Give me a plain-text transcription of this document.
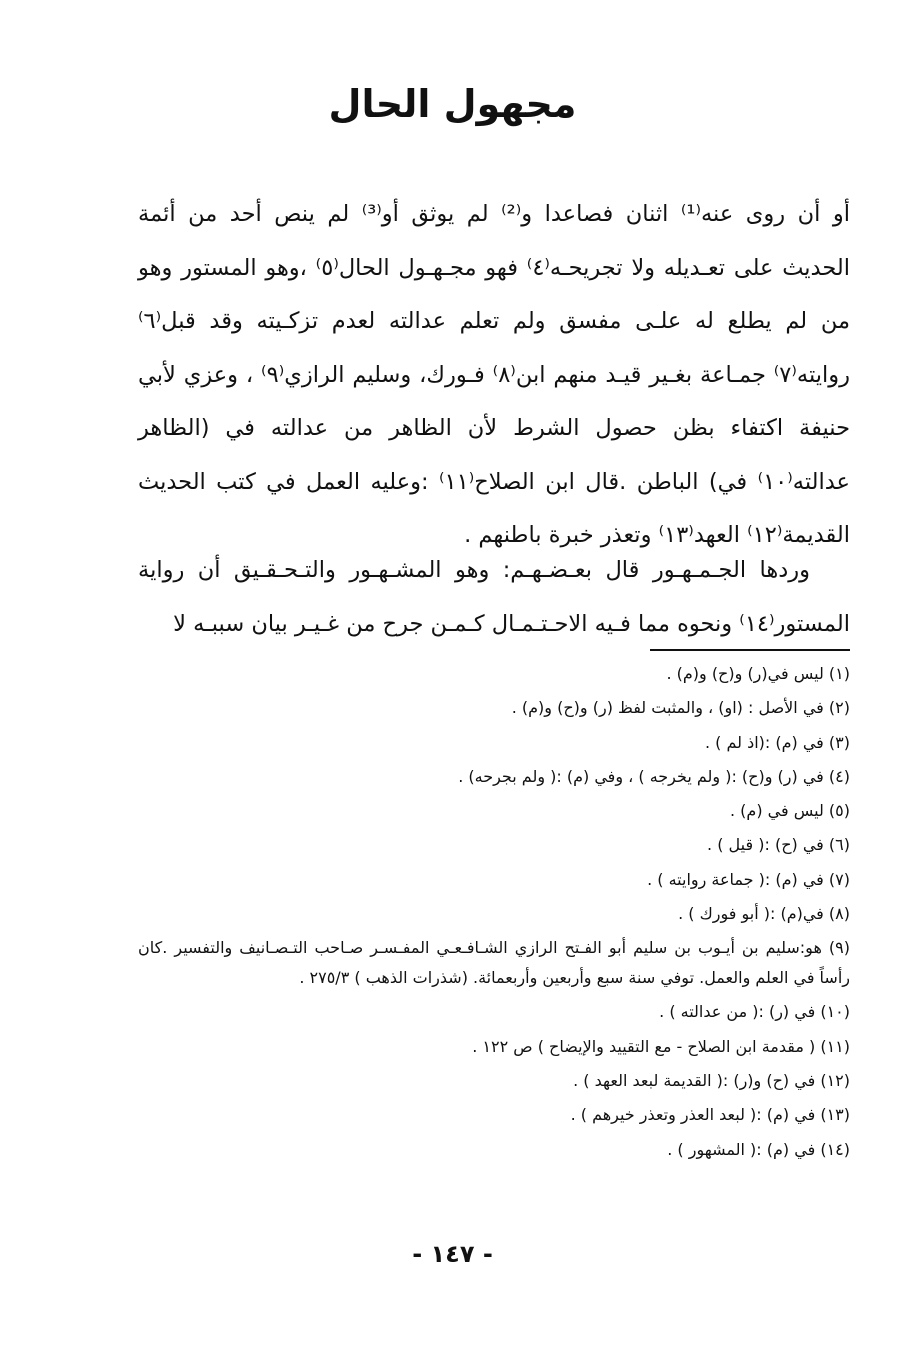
مجهول الحال
أو أن روى عنه⁽¹⁾ اثنان فصاعدا و⁽²⁾ لم يوثق أو⁽³⁾ لم ينص أحد من أئمة الحديث على تعـديله ولا تجريحـه⁽٤⁾ فهو مجـهـول الحال⁽٥⁾ ،وهو المستور وهو من لم يطلع له علـى مفسق ولم تعلم عدالته لعدم تزكـيته وقد قبل⁽٦⁾ روايته⁽٧⁾ جمـاعة بغـير قيـد منهم ابن⁽٨⁾ فـورك، وسليم الرازي⁽٩⁾ ، وعزي لأبي حنيفة اكتفاء بظن حصول الشرط لأن الظاهر من عدالته في (الظاهر عدالته⁽١٠⁾ في) الباطن .قال ابن الصلاح⁽١١⁾ :وعليه العمل في كتب الحديث القديمة⁽١٢⁾ العهد⁽١٣⁾ وتعذر خبرة باطنهم .
وردها الجـمـهـور قال بعـضـهـم: وهو المشـهـور والتـحـقـيق أن رواية المستور⁽١٤⁾ ونحوه مما فـيه الاحـتـمـال كـمـن جرح من غـيـر بيان سببـه لا

(١) ليس في(ر) و(ح) و(م) .

(٢) في الأصل : (او) ، والمثبت لفظ (ر) و(ح) و(م) .

(٣) في (م) :(اذ لم ) .

(٤) في (ر) و(ح) :( ولم يخرجه ) ، وفي (م) :( ولم بجرحه) .

(٥) ليس في (م) .

(٦) في (ح) :( قيل ) .

(٧) في (م) :( جماعة روايته ) .

(٨) في(م) :( أبو فورك ) .

(٩) هو:سليم بن أيـوب بن سليم أبو الفـتح الرازي الشـافـعـي المفـسـر صـاحب التـصـانيف والتفسير .كان رأساً في العلم والعمل. توفي سنة سبع وأربعين وأربعمائة. (شذرات الذهب ) ٢٧٥/٣ .

(١٠) في (ر) :( من عدالته ) .

(١١) ( مقدمة ابن الصلاح - مع التقييد والإيضاح ) ص ١٢٢ .

(١٢) في (ح) و(ر) :( القديمة لبعد العهد ) .

(١٣) في (م) :( لبعد العذر وتعذر خيرهم ) .

(١٤) في (م) :( المشهور ) .

- ١٤٧ -
